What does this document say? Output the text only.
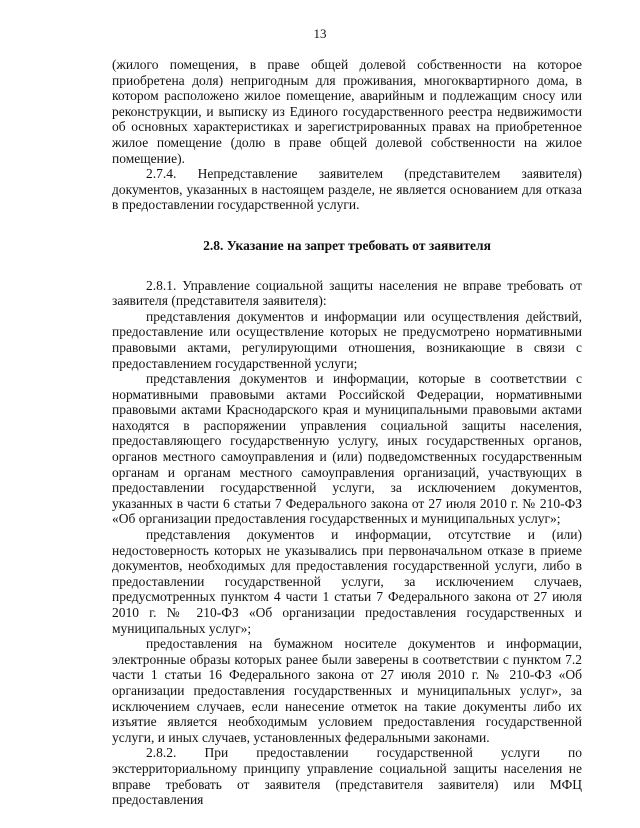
13

(жилого помещения, в праве общей долевой собственности на которое приобретена доля) непригодным для проживания, многоквартирного дома, в котором расположено жилое помещение, аварийным и подлежащим сносу или реконструкции, и выписку из Единого государственного реестра недвижимости об основных характеристиках и зарегистрированных правах на приобретенное жилое помещение (долю в праве общей долевой собственности на жилое помещение).

2.7.4. Непредставление заявителем (представителем заявителя) документов, указанных в настоящем разделе, не является основанием для отказа в предоставлении государственной услуги.

2.8. Указание на запрет требовать от заявителя

2.8.1. Управление социальной защиты населения не вправе требовать от заявителя (представителя заявителя):

представления документов и информации или осуществления действий, предоставление или осуществление которых не предусмотрено нормативными правовыми актами, регулирующими отношения, возникающие в связи с предоставлением государственной услуги;

представления документов и информации, которые в соответствии с нормативными правовыми актами Российской Федерации, нормативными правовыми актами Краснодарского края и муниципальными правовыми актами находятся в распоряжении управления социальной защиты населения, предоставляющего государственную услугу, иных государственных органов, органов местного самоуправления и (или) подведомственных государственным органам и органам местного самоуправления организаций, участвующих в предоставлении государственной услуги, за исключением документов, указанных в части 6 статьи 7 Федерального закона от 27 июля 2010 г. № 210-ФЗ «Об организации предоставления государственных и муниципальных услуг»;

представления документов и информации, отсутствие и (или) недостоверность которых не указывались при первоначальном отказе в приеме документов, необходимых для предоставления государственной услуги, либо в предоставлении государственной услуги, за исключением случаев, предусмотренных пунктом 4 части 1 статьи 7 Федерального закона от 27 июля 2010 г. № 210-ФЗ «Об организации предоставления государственных и муниципальных услуг»;

предоставления на бумажном носителе документов и информации, электронные образы которых ранее были заверены в соответствии с пунктом 7.2 части 1 статьи 16 Федерального закона от 27 июля 2010 г. № 210-ФЗ «Об организации предоставления государственных и муниципальных услуг», за исключением случаев, если нанесение отметок на такие документы либо их изъятие является необходимым условием предоставления государственной услуги, и иных случаев, установленных федеральными законами.

2.8.2. При предоставлении государственной услуги по экстерриториальному принципу управление социальной защиты населения не вправе требовать от заявителя (представителя заявителя) или МФЦ предоставления
